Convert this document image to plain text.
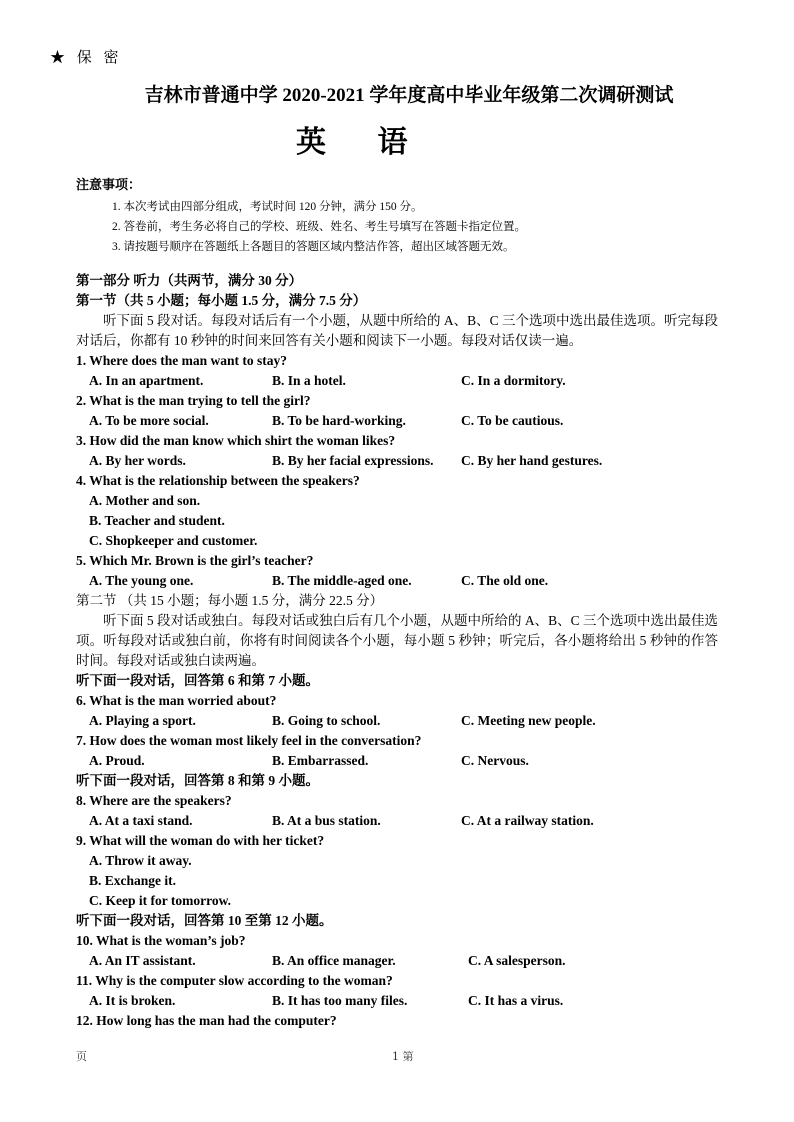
★ 保 密
吉林市普通中学 2020-2021 学年度高中毕业年级第二次调研测试
英 语
注意事项：
1. 本次考试由四部分组成，考试时间 120 分钟，满分 150 分。
2. 答卷前，考生务必将自己的学校、班级、姓名、考生号填写在答题卡指定位置。
3. 请按题号顺序在答题纸上各题目的答题区域内整洁作答，超出区域答题无效。
第一部分 听力（共两节，满分 30 分）
第一节（共 5 小题；每小题 1.5 分，满分 7.5 分）
听下面 5 段对话。每段对话后有一个小题，从题中所给的 A、B、C 三个选项中选出最佳选项。听完每段对话后，你都有 10 秒钟的时间来回答有关小题和阅读下一小题。每段对话仅读一遍。
1. Where does the man want to stay?
A. In an apartment.	B. In a hotel.	C. In a dormitory.
2. What is the man trying to tell the girl?
A. To be more social.	B. To be hard-working.	C. To be cautious.
3. How did the man know which shirt the woman likes?
A. By her words.	B. By her facial expressions.	C. By her hand gestures.
4. What is the relationship between the speakers?
A. Mother and son.
B. Teacher and student.
C. Shopkeeper and customer.
5. Which Mr. Brown is the girl’s teacher?
A. The young one.	B. The middle-aged one.	C. The old one.
第二节 （共 15 小题；每小题 1.5 分，满分 22.5 分）
听下面 5 段对话或独白。每段对话或独白后有几个小题，从题中所给的 A、B、C 三个选项中选出最佳选项。听每段对话或独白前，你将有时间阅读各个小题，每小题 5 秒钟；听完后，各小题将给出 5 秒钟的作答时间。每段对话或独白读两遍。
听下面一段对话，回答第 6 和第 7 小题。
6. What is the man worried about?
A. Playing a sport.	B. Going to school.	C. Meeting new people.
7. How does the woman most likely feel in the conversation?
A. Proud.	B. Embarrassed.	C. Nervous.
听下面一段对话，回答第 8 和第 9 小题。
8. Where are the speakers?
A. At a taxi stand.	B. At a bus station.	C. At a railway station.
9. What will the woman do with her ticket?
A. Throw it away.
B. Exchange it.
C. Keep it for tomorrow.
听下面一段对话，回答第 10 至第 12 小题。
10. What is the woman’s job?
A. An IT assistant.	B. An office manager.	C. A salesperson.
11. Why is the computer slow according to the woman?
A. It is broken.	B. It has too many files.	C. It has a virus.
12. How long has the man had the computer?
页	1 第
